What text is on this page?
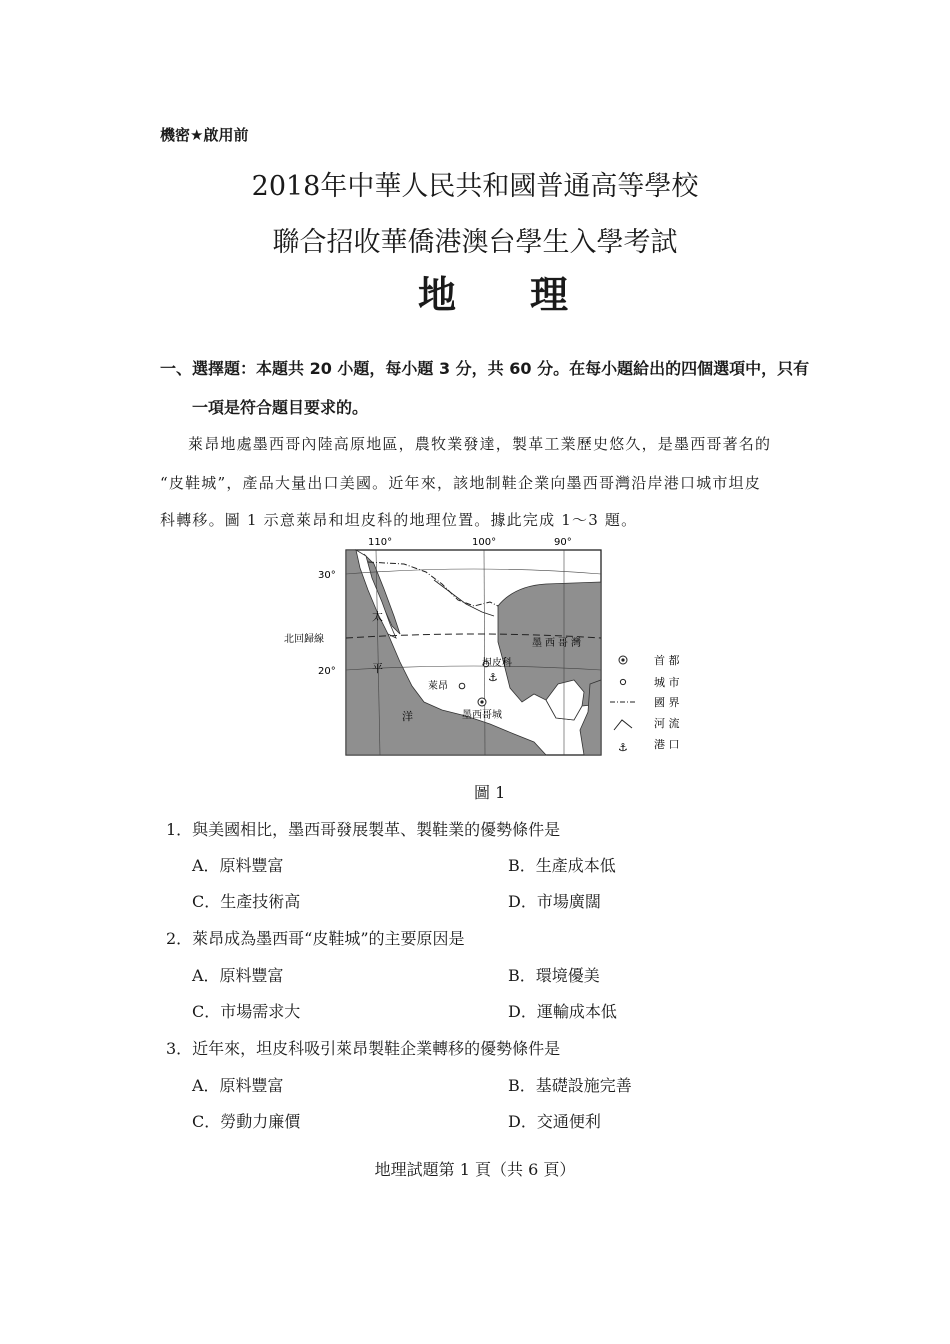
機密★啟用前
2018年中華人民共和國普通高等學校
聯合招收華僑港澳台學生入學考試
地 理
一、選擇題：本題共 20 小題，每小題 3 分，共 60 分。在每小題給出的四個選項中，只有
一項是符合題目要求的。
萊昂地處墨西哥內陸高原地區，農牧業發達，製革工業歷史悠久，是墨西哥著名的
“皮鞋城”，產品大量出口美國。近年來，該地制鞋企業向墨西哥灣沿岸港口城市坦皮
科轉移。圖 1 示意萊昂和坦皮科的地理位置。據此完成 1～3 題。
110°	100°	90°
30°
20°
北回歸線
太
平
洋
墨西哥灣
坦皮科
⚓
萊昂
墨西哥城
首 都
城 市
國 界
河 流
⚓ 港 口
圖 1
1．與美國相比，墨西哥發展製革、製鞋業的優勢條件是
A．原料豐富	B．生產成本低
C．生產技術高	D．市場廣闊
2．萊昂成為墨西哥“皮鞋城”的主要原因是
A．原料豐富	B．環境優美
C．市場需求大	D．運輸成本低
3．近年來，坦皮科吸引萊昂製鞋企業轉移的優勢條件是
A．原料豐富	B．基礎設施完善
C．勞動力廉價	D．交通便利
地理試題第 1 頁（共 6 頁）
